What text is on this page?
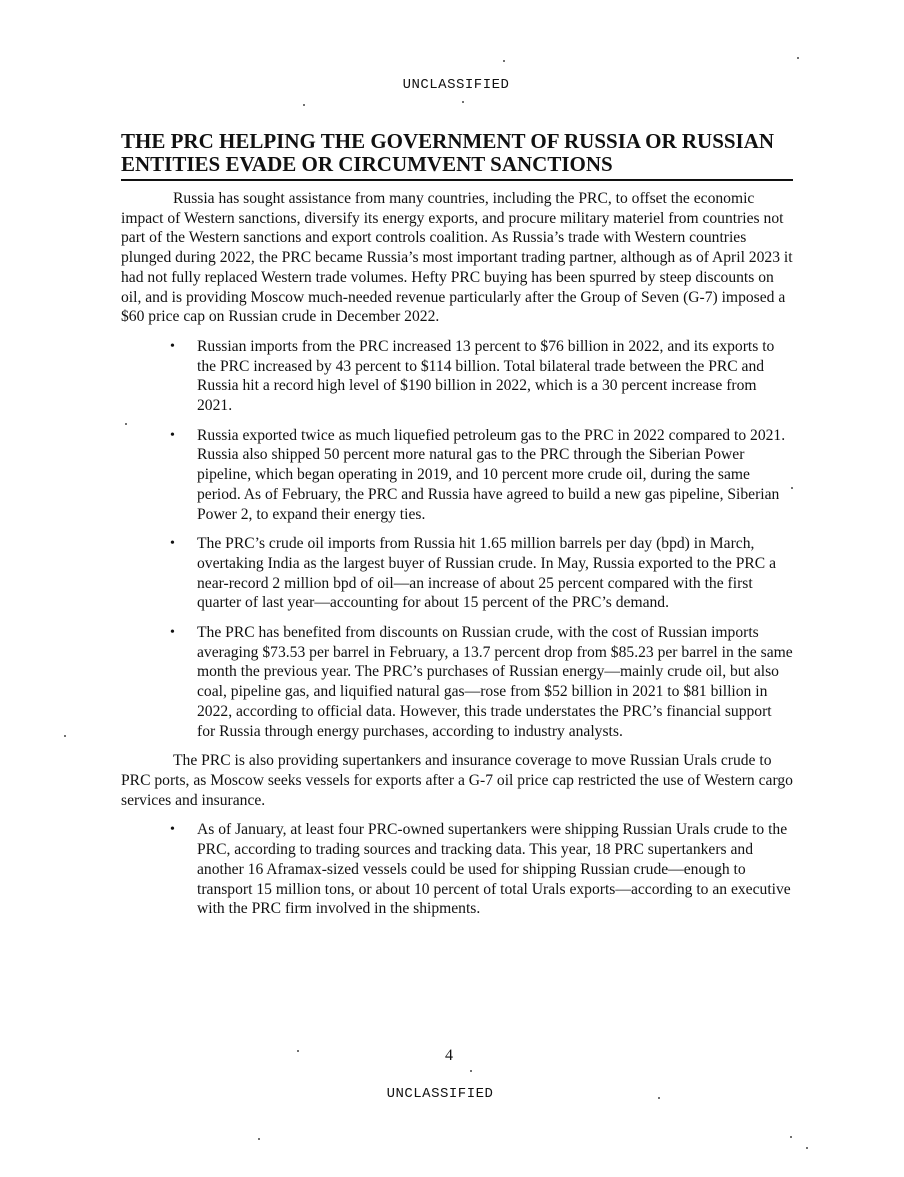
UNCLASSIFIED
THE PRC HELPING THE GOVERNMENT OF RUSSIA OR RUSSIAN ENTITIES EVADE OR CIRCUMVENT SANCTIONS

Russia has sought assistance from many countries, including the PRC, to offset the economic impact of Western sanctions, diversify its energy exports, and procure military materiel from countries not part of the Western sanctions and export controls coalition. As Russia’s trade with Western countries plunged during 2022, the PRC became Russia’s most important trading partner, although as of April 2023 it had not fully replaced Western trade volumes. Hefty PRC buying has been spurred by steep discounts on oil, and is providing Moscow much-needed revenue particularly after the Group of Seven (G-7) imposed a $60 price cap on Russian crude in December 2022.

• Russian imports from the PRC increased 13 percent to $76 billion in 2022, and its exports to the PRC increased by 43 percent to $114 billion. Total bilateral trade between the PRC and Russia hit a record high level of $190 billion in 2022, which is a 30 percent increase from 2021.
• Russia exported twice as much liquefied petroleum gas to the PRC in 2022 compared to 2021. Russia also shipped 50 percent more natural gas to the PRC through the Siberian Power pipeline, which began operating in 2019, and 10 percent more crude oil, during the same period. As of February, the PRC and Russia have agreed to build a new gas pipeline, Siberian Power 2, to expand their energy ties.
• The PRC’s crude oil imports from Russia hit 1.65 million barrels per day (bpd) in March, overtaking India as the largest buyer of Russian crude. In May, Russia exported to the PRC a near-record 2 million bpd of oil—an increase of about 25 percent compared with the first quarter of last year—accounting for about 15 percent of the PRC’s demand.
• The PRC has benefited from discounts on Russian crude, with the cost of Russian imports averaging $73.53 per barrel in February, a 13.7 percent drop from $85.23 per barrel in the same month the previous year. The PRC’s purchases of Russian energy—mainly crude oil, but also coal, pipeline gas, and liquified natural gas—rose from $52 billion in 2021 to $81 billion in 2022, according to official data. However, this trade understates the PRC’s financial support for Russia through energy purchases, according to industry analysts.

The PRC is also providing supertankers and insurance coverage to move Russian Urals crude to PRC ports, as Moscow seeks vessels for exports after a G-7 oil price cap restricted the use of Western cargo services and insurance.

• As of January, at least four PRC-owned supertankers were shipping Russian Urals crude to the PRC, according to trading sources and tracking data. This year, 18 PRC supertankers and another 16 Aframax-sized vessels could be used for shipping Russian crude—enough to transport 15 million tons, or about 10 percent of total Urals exports—according to an executive with the PRC firm involved in the shipments.
4
UNCLASSIFIED
